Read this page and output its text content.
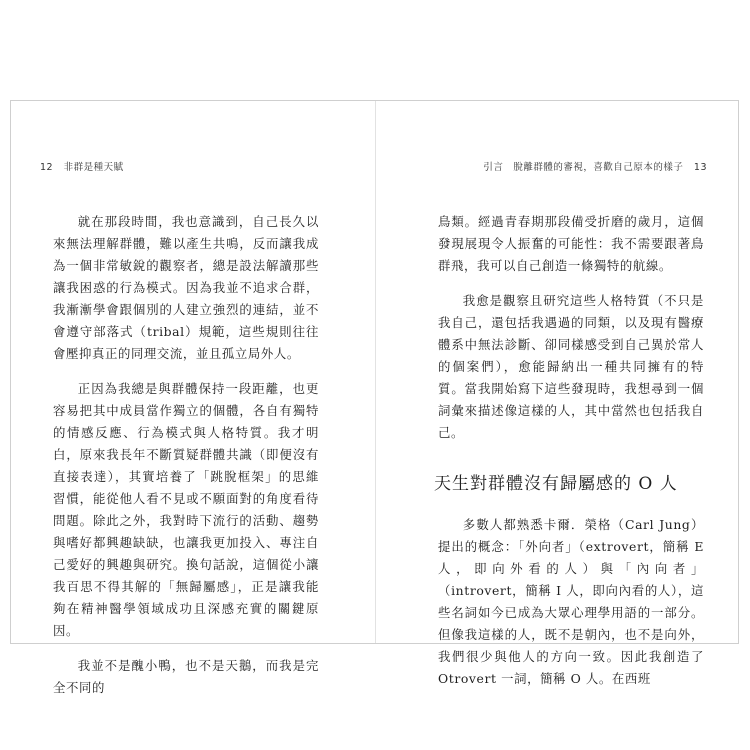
12 非群是種天賦

就在那段時間，我也意識到，自己長久以來無法理解群體，難以產生共鳴，反而讓我成為一個非常敏銳的觀察者，總是設法解讀那些讓我困惑的行為模式。因為我並不追求合群，我漸漸學會跟個別的人建立強烈的連結，並不會遵守部落式（tribal）規範，這些規則往往會壓抑真正的同理交流，並且孤立局外人。

正因為我總是與群體保持一段距離，也更容易把其中成員當作獨立的個體，各自有獨特的情感反應、行為模式與人格特質。我才明白，原來我長年不斷質疑群體共識（即便沒有直接表達），其實培養了「跳脫框架」的思維習慣，能從他人看不見或不願面對的角度看待問題。除此之外，我對時下流行的活動、趨勢與嗜好都興趣缺缺，也讓我更加投入、專注自己愛好的興趣與研究。換句話說，這個從小讓我百思不得其解的「無歸屬感」，正是讓我能夠在精神醫學領域成功且深感充實的關鍵原因。

我並不是醜小鴨，也不是天鵝，而我是完全不同的

引言　脫離群體的審視，喜歡自己原本的樣子 13

鳥類。經過青春期那段備受折磨的歲月，這個發現展現令人振奮的可能性：我不需要跟著鳥群飛，我可以自己創造一條獨特的航線。

我愈是觀察且研究這些人格特質（不只是我自己，還包括我遇過的同類，以及現有醫療體系中無法診斷、卻同樣感受到自己異於常人的個案們），愈能歸納出一種共同擁有的特質。當我開始寫下這些發現時，我想尋到一個詞彙來描述像這樣的人，其中當然也包括我自己。

天生對群體沒有歸屬感的 O 人

多數人都熟悉卡爾．榮格（Carl Jung）提出的概念：「外向者」（extrovert，簡稱 E 人，即向外看的人）與「內向者」（introvert，簡稱 I 人，即向內看的人），這些名詞如今已成為大眾心理學用語的一部分。但像我這樣的人，既不是朝內，也不是向外，我們很少與他人的方向一致。因此我創造了 Otrovert 一詞，簡稱 O 人。在西班
